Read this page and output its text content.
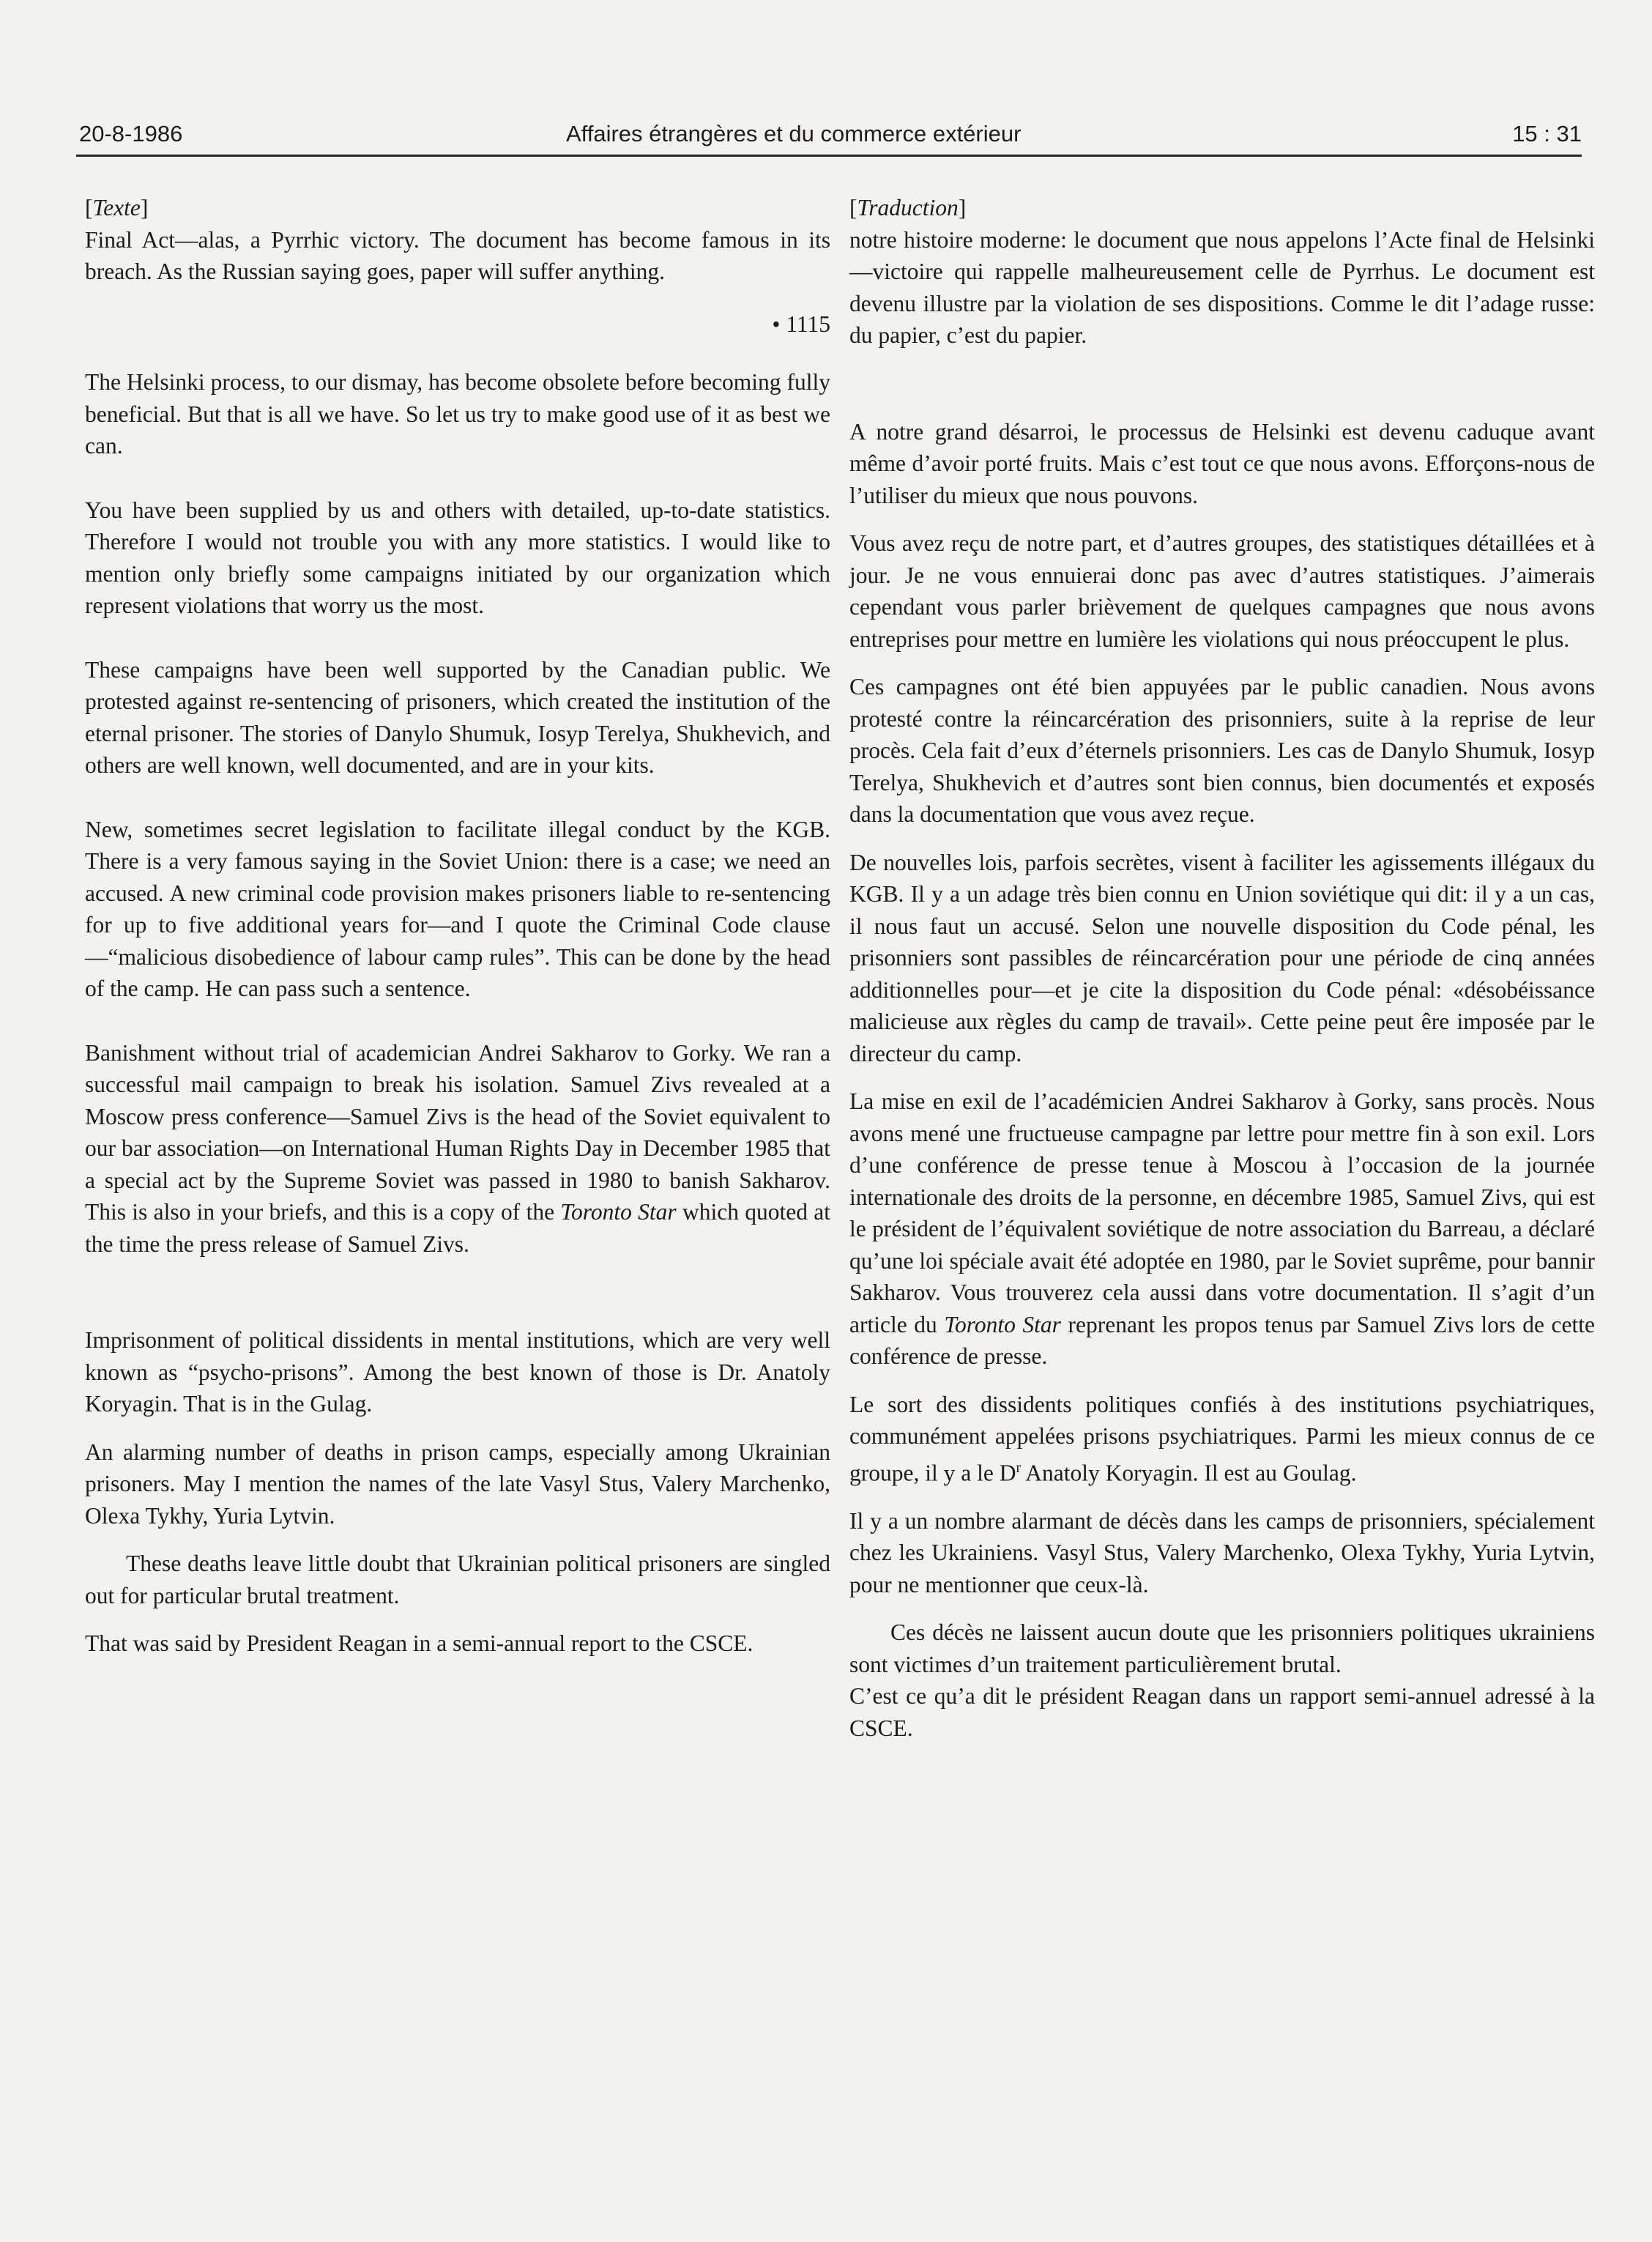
20-8-1986	Affaires étrangères et du commerce extérieur	15 : 31

[Texte]

Final Act—alas, a Pyrrhic victory. The document has become famous in its breach. As the Russian saying goes, paper will suffer anything.

• 1115

The Helsinki process, to our dismay, has become obsolete before becoming fully beneficial. But that is all we have. So let us try to make good use of it as best we can.

You have been supplied by us and others with detailed, up-to-date statistics. Therefore I would not trouble you with any more statistics. I would like to mention only briefly some campaigns initiated by our organization which represent violations that worry us the most.

These campaigns have been well supported by the Canadian public. We protested against re-sentencing of prisoners, which created the institution of the eternal prisoner. The stories of Danylo Shumuk, Iosyp Terelya, Shukhevich, and others are well known, well documented, and are in your kits.

New, sometimes secret legislation to facilitate illegal conduct by the KGB. There is a very famous saying in the Soviet Union: there is a case; we need an accused. A new criminal code provision makes prisoners liable to re-sentencing for up to five additional years for—and I quote the Criminal Code clause—“malicious disobedience of labour camp rules”. This can be done by the head of the camp. He can pass such a sentence.

Banishment without trial of academician Andrei Sakharov to Gorky. We ran a successful mail campaign to break his isolation. Samuel Zivs revealed at a Moscow press conference—Samuel Zivs is the head of the Soviet equivalent to our bar association—on International Human Rights Day in December 1985 that a special act by the Supreme Soviet was passed in 1980 to banish Sakharov. This is also in your briefs, and this is a copy of the Toronto Star which quoted at the time the press release of Samuel Zivs.

Imprisonment of political dissidents in mental institutions, which are very well known as “psycho-prisons”. Among the best known of those is Dr. Anatoly Koryagin. That is in the Gulag.

An alarming number of deaths in prison camps, especially among Ukrainian prisoners. May I mention the names of the late Vasyl Stus, Valery Marchenko, Olexa Tykhy, Yuria Lytvin.

These deaths leave little doubt that Ukrainian political prisoners are singled out for particular brutal treatment.

That was said by President Reagan in a semi-annual report to the CSCE.

[Traduction]

notre histoire moderne: le document que nous appelons l’Acte final de Helsinki—victoire qui rappelle malheureusement celle de Pyrrhus. Le document est devenu illustre par la violation de ses dispositions. Comme le dit l’adage russe: du papier, c’est du papier.

A notre grand désarroi, le processus de Helsinki est devenu caduque avant même d’avoir porté fruits. Mais c’est tout ce que nous avons. Efforçons-nous de l’utiliser du mieux que nous pouvons.

Vous avez reçu de notre part, et d’autres groupes, des statistiques détaillées et à jour. Je ne vous ennuierai donc pas avec d’autres statistiques. J’aimerais cependant vous parler brièvement de quelques campagnes que nous avons entreprises pour mettre en lumière les violations qui nous préoccupent le plus.

Ces campagnes ont été bien appuyées par le public canadien. Nous avons protesté contre la réincarcération des prisonniers, suite à la reprise de leur procès. Cela fait d’eux d’éternels prisonniers. Les cas de Danylo Shumuk, Iosyp Terelya, Shukhevich et d’autres sont bien connus, bien documentés et exposés dans la documentation que vous avez reçue.

De nouvelles lois, parfois secrètes, visent à faciliter les agissements illégaux du KGB. Il y a un adage très bien connu en Union soviétique qui dit: il y a un cas, il nous faut un accusé. Selon une nouvelle disposition du Code pénal, les prisonniers sont passibles de réincarcération pour une période de cinq années additionnelles pour—et je cite la disposition du Code pénal: «désobéissance malicieuse aux règles du camp de travail». Cette peine peut êre imposée par le directeur du camp.

La mise en exil de l’académicien Andrei Sakharov à Gorky, sans procès. Nous avons mené une fructueuse campagne par lettre pour mettre fin à son exil. Lors d’une conférence de presse tenue à Moscou à l’occasion de la journée internationale des droits de la personne, en décembre 1985, Samuel Zivs, qui est le président de l’équivalent soviétique de notre association du Barreau, a déclaré qu’une loi spéciale avait été adoptée en 1980, par le Soviet suprême, pour bannir Sakharov. Vous trouverez cela aussi dans votre documentation. Il s’agit d’un article du Toronto Star reprenant les propos tenus par Samuel Zivs lors de cette conférence de presse.

Le sort des dissidents politiques confiés à des institutions psychiatriques, communément appelées prisons psychiatriques. Parmi les mieux connus de ce groupe, il y a le $D^r$ Anatoly Koryagin. Il est au Goulag.

Il y a un nombre alarmant de décès dans les camps de prisonniers, spécialement chez les Ukrainiens. Vasyl Stus, Valery Marchenko, Olexa Tykhy, Yuria Lytvin, pour ne mentionner que ceux-là.

Ces décès ne laissent aucun doute que les prisonniers politiques ukrainiens sont victimes d’un traitement particulièrement brutal.

C’est ce qu’a dit le président Reagan dans un rapport semi-annuel adressé à la CSCE.
